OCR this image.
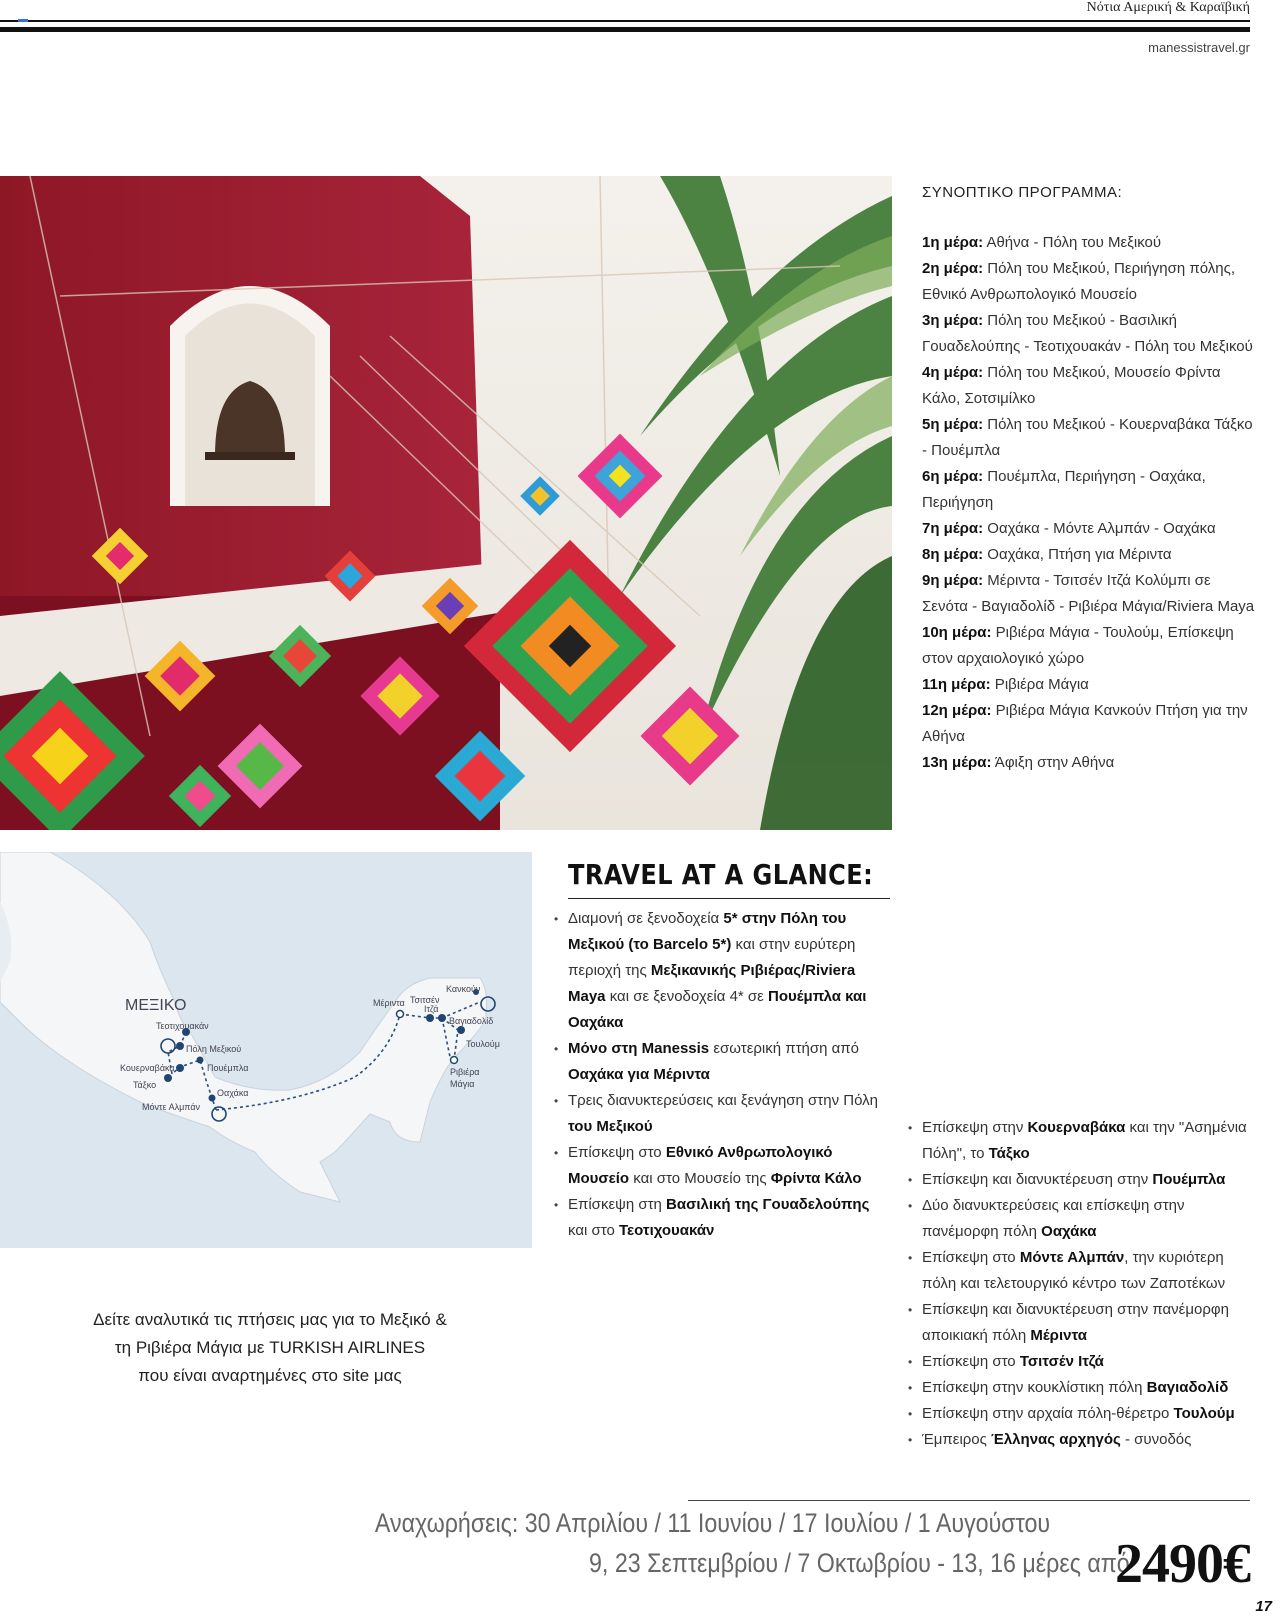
Νότια Αμερική & Καραϊβική
manessistravel.gr
ΣΥΝΟΠΤΙΚΟ ΠΡΟΓΡΑΜΜΑ:
1η μέρα: Αθήνα - Πόλη του Μεξικού
2η μέρα: Πόλη του Μεξικού, Περιήγηση πόλης, Εθνικό Ανθρωπολογικό Μουσείο
3η μέρα: Πόλη του Μεξικού - Βασιλική Γουαδελούπης - Τεοτιχουακάν - Πόλη του Μεξικού
4η μέρα: Πόλη του Μεξικού, Μουσείο Φρίντα Κάλο, Σοτσιμίλκο
5η μέρα: Πόλη του Μεξικού - Κουερναβάκα Τάξκο - Πουέμπλα
6η μέρα: Πουέμπλα, Περιήγηση - Οαχάκα, Περιήγηση
7η μέρα: Οαχάκα - Μόντε Αλμπάν - Οαχάκα
8η μέρα: Οαχάκα, Πτήση για Μέριντα
9η μέρα: Μέριντα - Τσιτσέν Ιτζά Κολύμπι σε Σενότα - Βαγιαδολίδ - Ριβιέρα Μάγια/Riviera Maya
10η μέρα: Ριβιέρα Μάγια - Τουλούμ, Επίσκεψη στον αρχαιολογικό χώρο
11η μέρα: Ριβιέρα Μάγια
12η μέρα: Ριβιέρα Μάγια Κανκούν Πτήση για την Αθήνα
13η μέρα: Άφιξη στην Αθήνα
ΜΕΞΙΚΟ
Τεοτιχουακάν
Πόλη Μεξικού
Κουερναβάκα	Πουέμπλα
Τάξκο
Οαχάκα
Μόντε Αλμπάν
Μέριντα Τσιτσέν
Ιτζά
Κανκούν
Βαγιαδολίδ
Τουλούμ
Ριβιέρα
Μάγια
TRAVEL AT A GLANCE:
• Διαμονή σε ξενοδοχεία 5* στην Πόλη του Μεξικού (το Barcelo 5*) και στην ευρύτερη περιοχή της Μεξικανικής Ριβιέρας/Riviera Maya και σε ξενοδοχεία 4* σε Πουέμπλα και Οαχάκα
• Μόνο στη Manessis εσωτερική πτήση από Οαχάκα για Μέριντα
• Τρεις διανυκτερεύσεις και ξενάγηση στην Πόλη του Μεξικού
• Επίσκεψη στο Εθνικό Ανθρωπολογικό Μουσείο και στο Μουσείο της Φρίντα Κάλο
• Επίσκεψη στη Βασιλική της Γουαδελούπης και στο Τεοτιχουακάν
• Επίσκεψη στην Κουερναβάκα και την "Ασημένια Πόλη", το Τάξκο
• Επίσκεψη και διανυκτέρευση στην Πουέμπλα
• Δύο διανυκτερεύσεις και επίσκεψη στην πανέμορφη πόλη Οαχάκα
• Επίσκεψη στο Μόντε Αλμπάν, την κυριότερη πόλη και τελετουργικό κέντρο των Ζαποτέκων
• Επίσκεψη και διανυκτέρευση στην πανέμορφη αποικιακή πόλη Μέριντα
• Επίσκεψη στο Τσιτσέν Ιτζά
• Επίσκεψη στην κουκλίστικη πόλη Βαγιαδολίδ
• Επίσκεψη στην αρχαία πόλη-θέρετρο Τουλούμ
• Έμπειρος Έλληνας αρχηγός - συνοδός
Δείτε αναλυτικά τις πτήσεις μας για το Μεξικό &
τη Ριβιέρα Μάγια με TURKISH AIRLINES
που είναι αναρτημένες στο site μας
Αναχωρήσεις: 30 Απριλίου / 11 Ιουνίου / 17 Ιουλίου / 1 Αυγούστου
9, 23 Σεπτεμβρίου / 7 Οκτωβρίου - 13, 16 μέρες από
2490€
17
